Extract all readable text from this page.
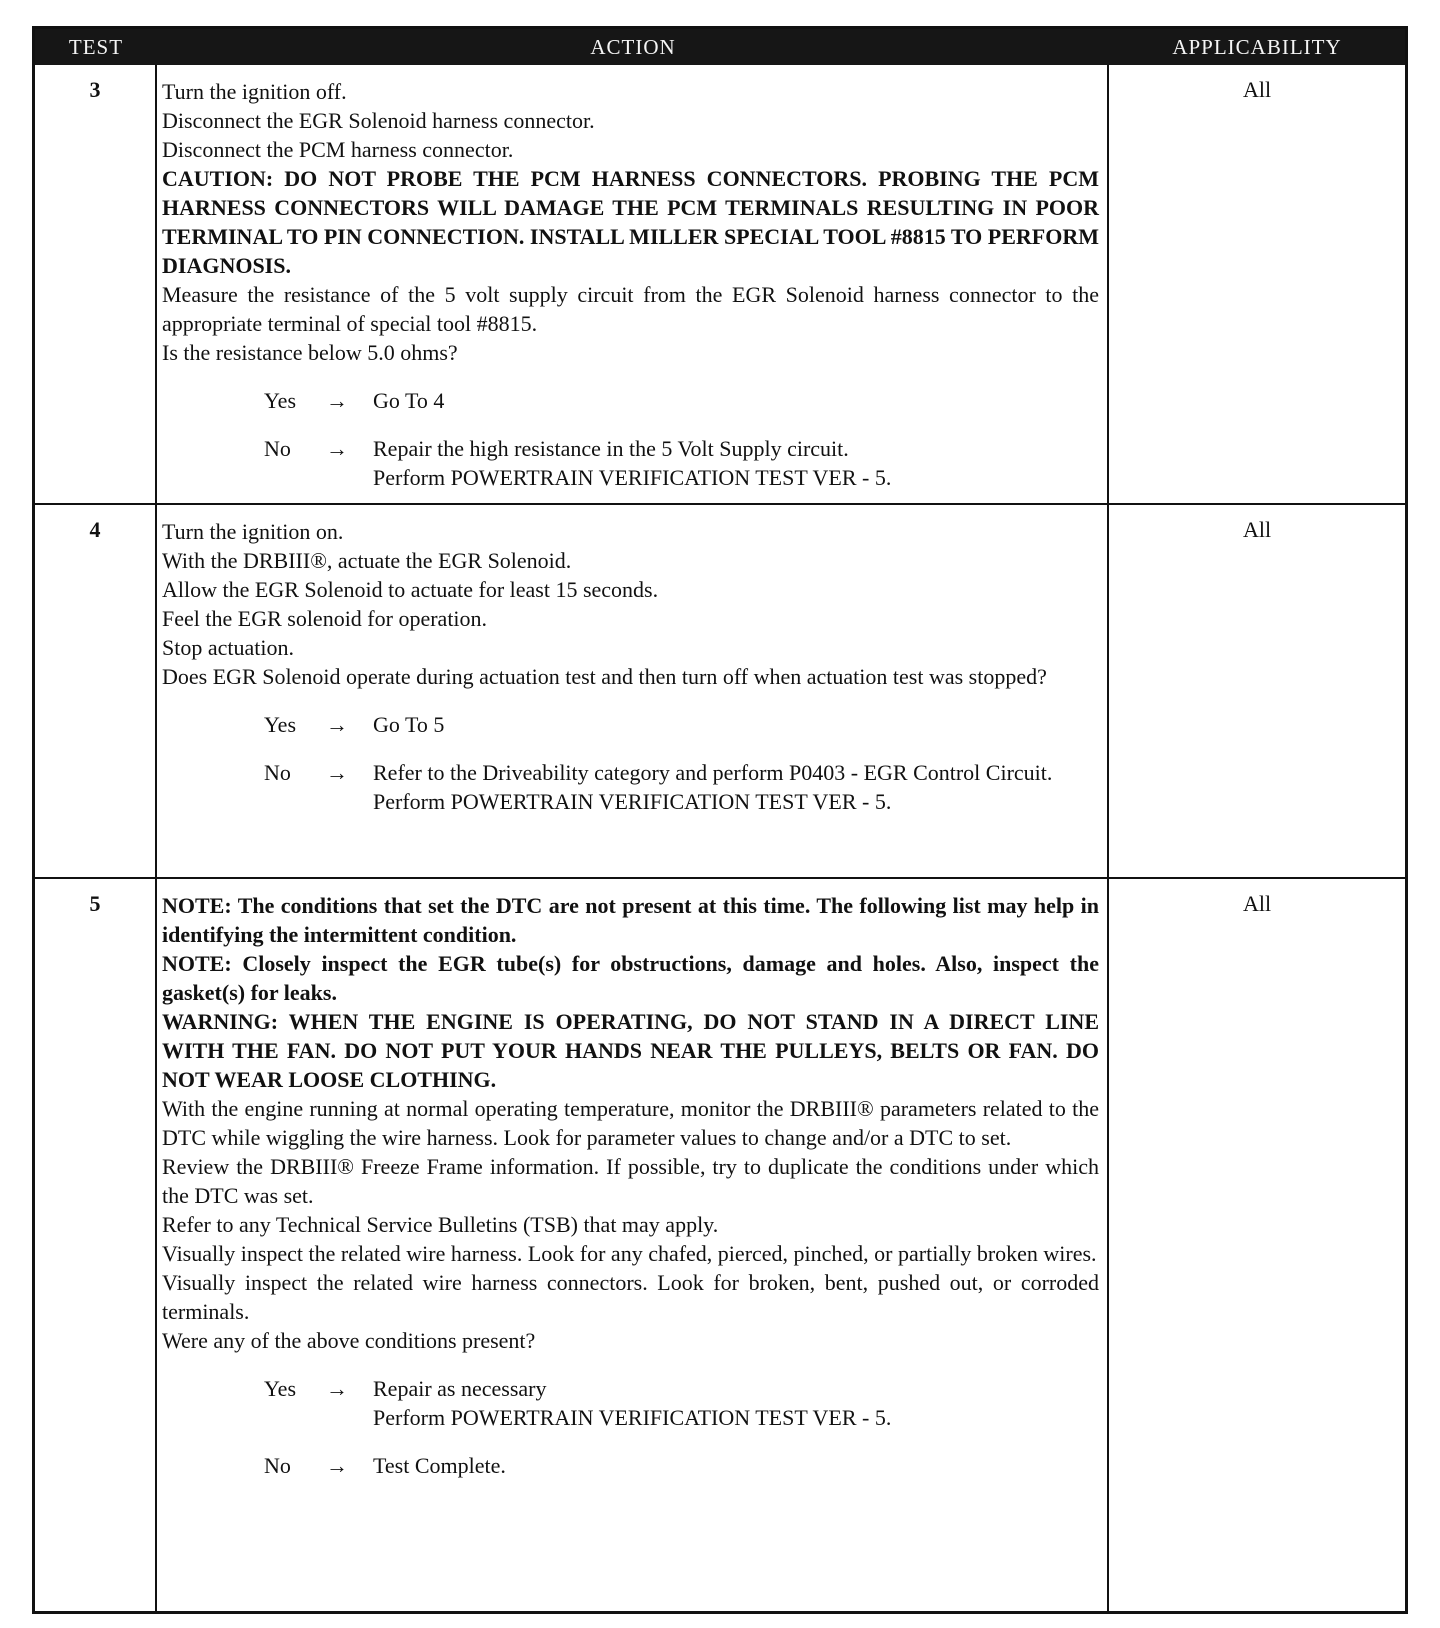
TEST	ACTION	APPLICABILITY
3	Turn the ignition off.
Disconnect the EGR Solenoid harness connector.
Disconnect the PCM harness connector.
CAUTION: DO NOT PROBE THE PCM HARNESS CONNECTORS. PROBING THE PCM HARNESS CONNECTORS WILL DAMAGE THE PCM TERMINALS RESULTING IN POOR TERMINAL TO PIN CONNECTION. INSTALL MILLER SPECIAL TOOL #8815 TO PERFORM DIAGNOSIS.
Measure the resistance of the 5 volt supply circuit from the EGR Solenoid harness connector to the appropriate terminal of special tool #8815.
Is the resistance below 5.0 ohms?
Yes	→	Go To 4
No	→	Repair the high resistance in the 5 Volt Supply circuit.
Perform POWERTRAIN VERIFICATION TEST VER - 5.
All
4	Turn the ignition on.
With the DRBIII®, actuate the EGR Solenoid.
Allow the EGR Solenoid to actuate for least 15 seconds.
Feel the EGR solenoid for operation.
Stop actuation.
Does EGR Solenoid operate during actuation test and then turn off when actuation test was stopped?
Yes	→	Go To 5
No	→	Refer to the Driveability category and perform P0403 - EGR Control Circuit.
Perform POWERTRAIN VERIFICATION TEST VER - 5.
All
5	NOTE: The conditions that set the DTC are not present at this time. The following list may help in identifying the intermittent condition.
NOTE: Closely inspect the EGR tube(s) for obstructions, damage and holes. Also, inspect the gasket(s) for leaks.
WARNING: WHEN THE ENGINE IS OPERATING, DO NOT STAND IN A DIRECT LINE WITH THE FAN. DO NOT PUT YOUR HANDS NEAR THE PULLEYS, BELTS OR FAN. DO NOT WEAR LOOSE CLOTHING.
With the engine running at normal operating temperature, monitor the DRBIII® parameters related to the DTC while wiggling the wire harness. Look for parameter values to change and/or a DTC to set.
Review the DRBIII® Freeze Frame information. If possible, try to duplicate the conditions under which the DTC was set.
Refer to any Technical Service Bulletins (TSB) that may apply.
Visually inspect the related wire harness. Look for any chafed, pierced, pinched, or partially broken wires.
Visually inspect the related wire harness connectors. Look for broken, bent, pushed out, or corroded terminals.
Were any of the above conditions present?
Yes	→	Repair as necessary
Perform POWERTRAIN VERIFICATION TEST VER - 5.
No	→	Test Complete.
All
